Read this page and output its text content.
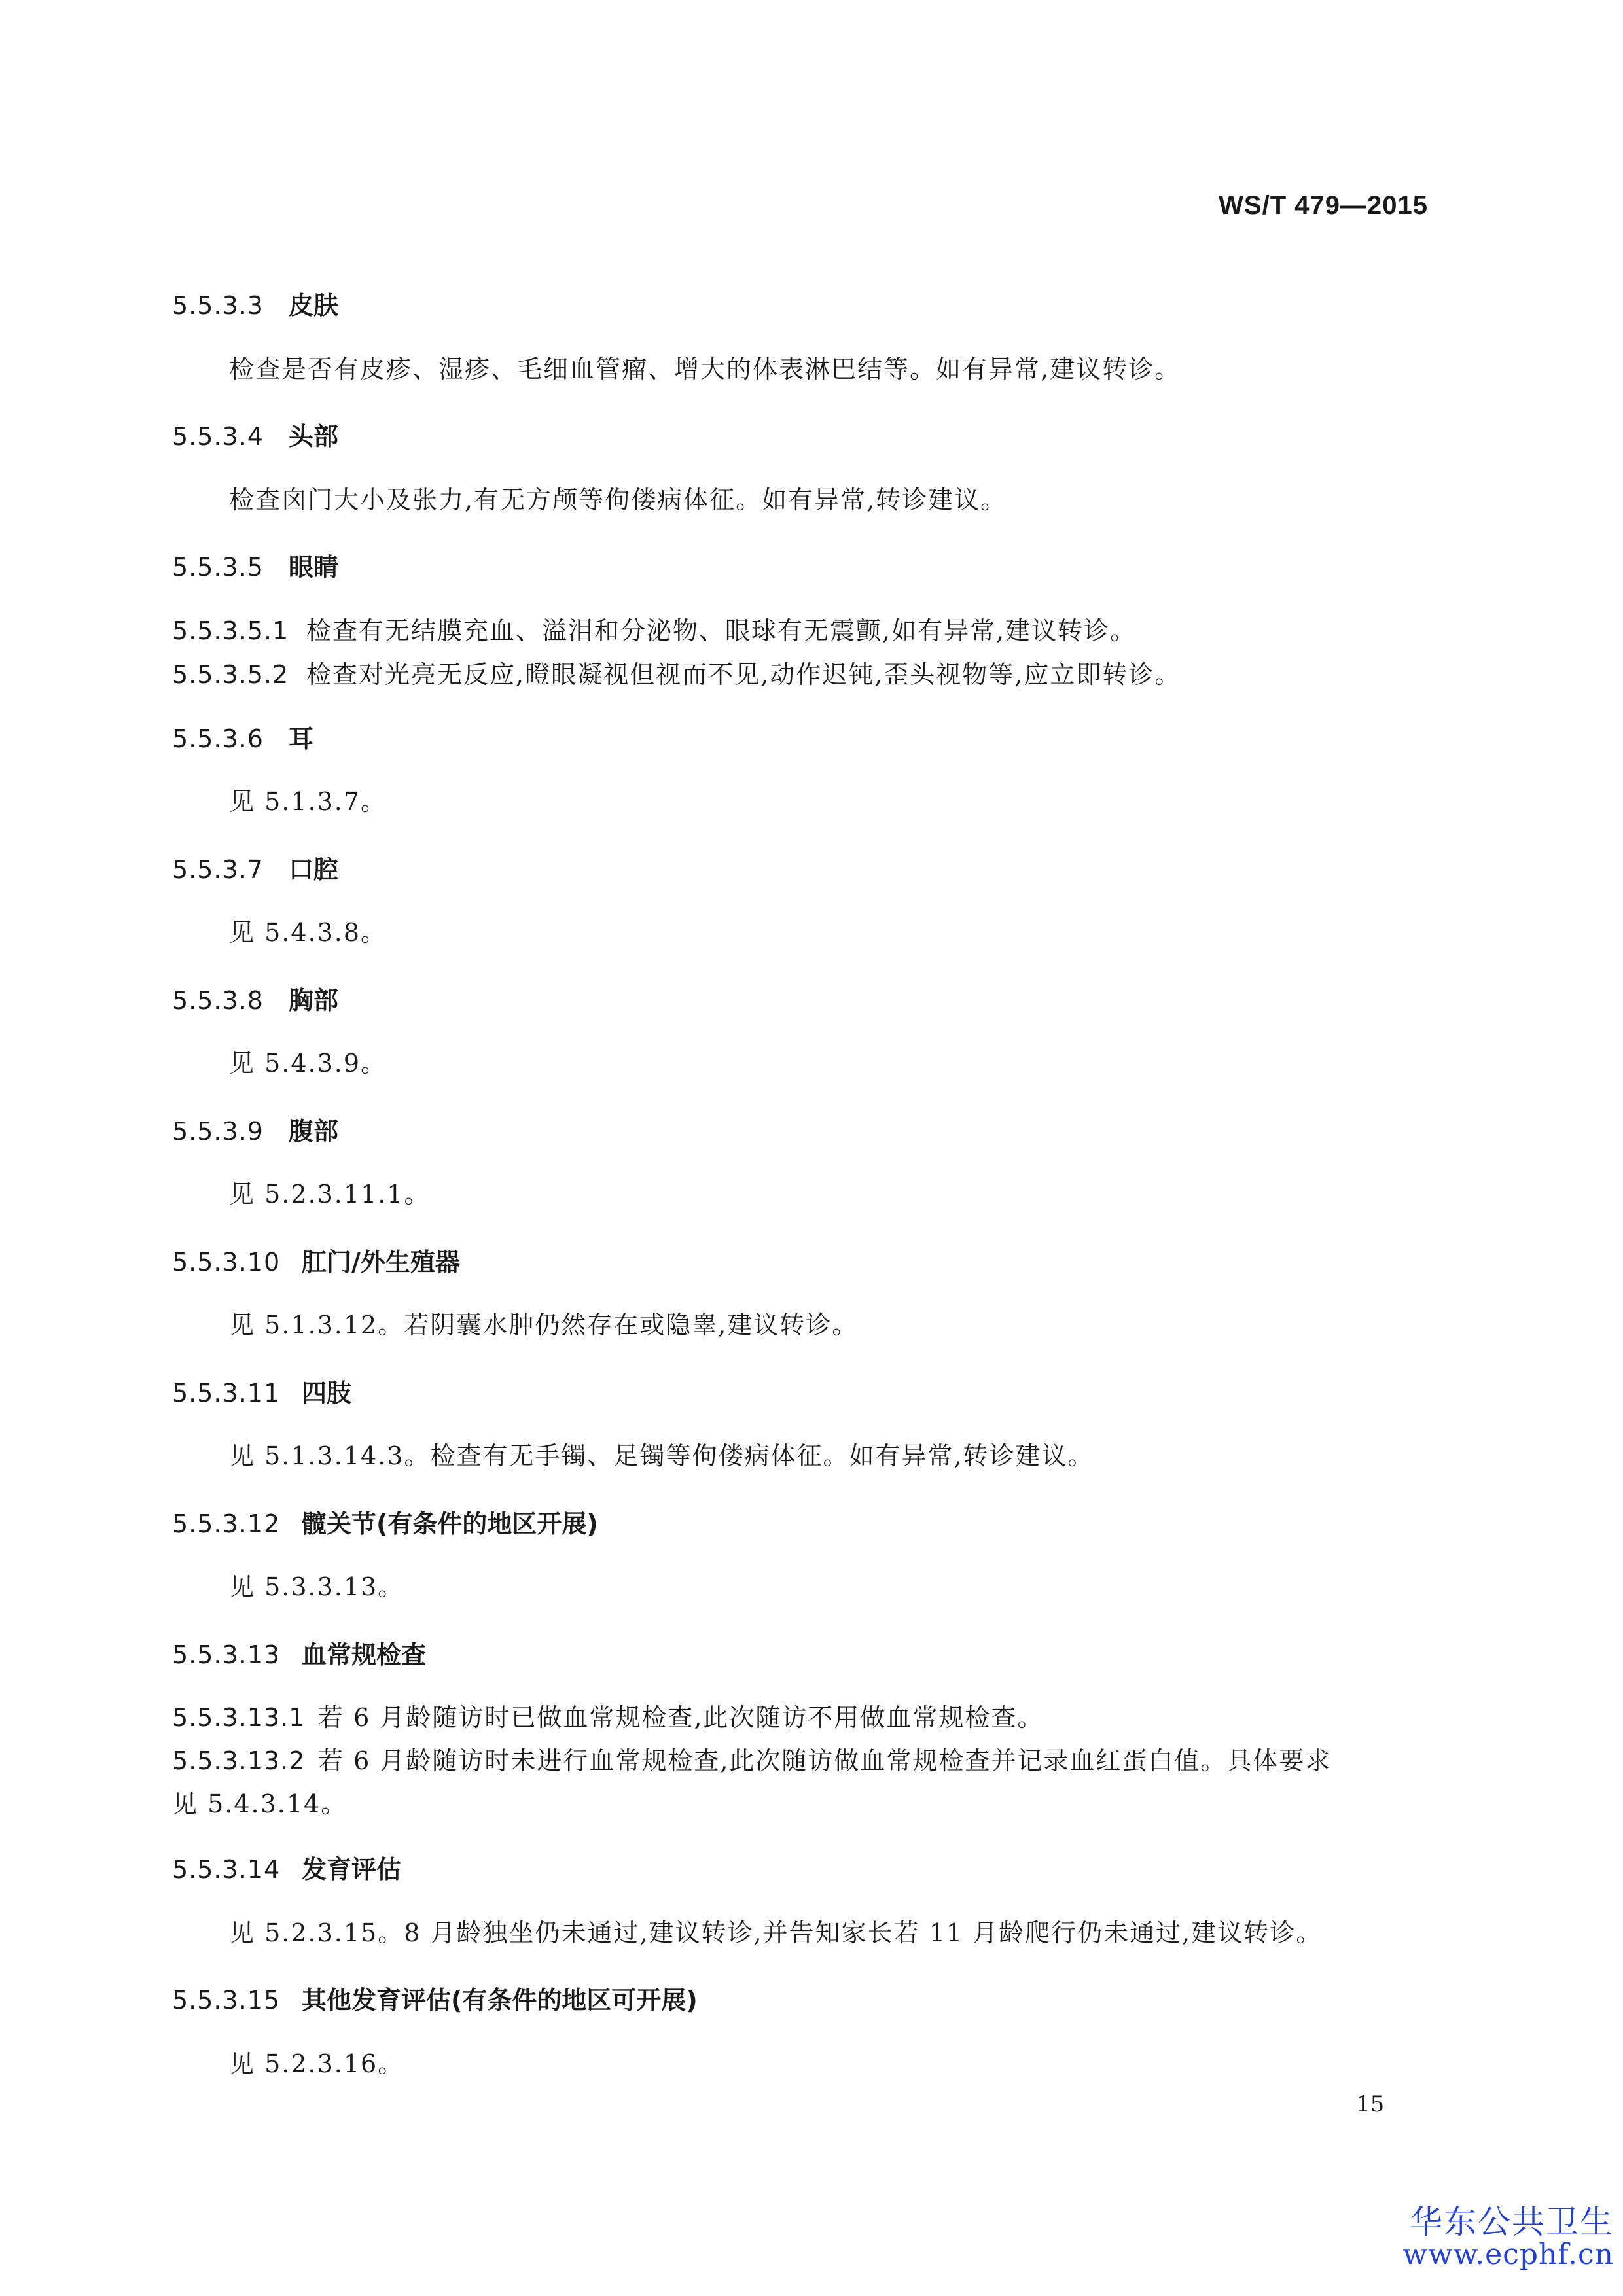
WS/T 479—2015
5.5.3.3 皮肤
检查是否有皮疹、湿疹、毛细血管瘤、增大的体表淋巴结等。如有异常,建议转诊。
5.5.3.4 头部
检查囟门大小及张力,有无方颅等佝偻病体征。如有异常,转诊建议。
5.5.3.5 眼睛
5.5.3.5.1 检查有无结膜充血、溢泪和分泌物、眼球有无震颤,如有异常,建议转诊。
5.5.3.5.2 检查对光亮无反应,瞪眼凝视但视而不见,动作迟钝,歪头视物等,应立即转诊。
5.5.3.6 耳
见 5.1.3.7。
5.5.3.7 口腔
见 5.4.3.8。
5.5.3.8 胸部
见 5.4.3.9。
5.5.3.9 腹部
见 5.2.3.11.1。
5.5.3.10 肛门/外生殖器
见 5.1.3.12。若阴囊水肿仍然存在或隐睾,建议转诊。
5.5.3.11 四肢
见 5.1.3.14.3。检查有无手镯、足镯等佝偻病体征。如有异常,转诊建议。
5.5.3.12 髋关节(有条件的地区开展)
见 5.3.3.13。
5.5.3.13 血常规检查
5.5.3.13.1 若 6 月龄随访时已做血常规检查,此次随访不用做血常规检查。
5.5.3.13.2 若 6 月龄随访时未进行血常规检查,此次随访做血常规检查并记录血红蛋白值。具体要求
见 5.4.3.14。
5.5.3.14 发育评估
见 5.2.3.15。8 月龄独坐仍未通过,建议转诊,并告知家长若 11 月龄爬行仍未通过,建议转诊。
5.5.3.15 其他发育评估(有条件的地区可开展)
见 5.2.3.16。
15
华东公共卫生
www.ecphf.cn
